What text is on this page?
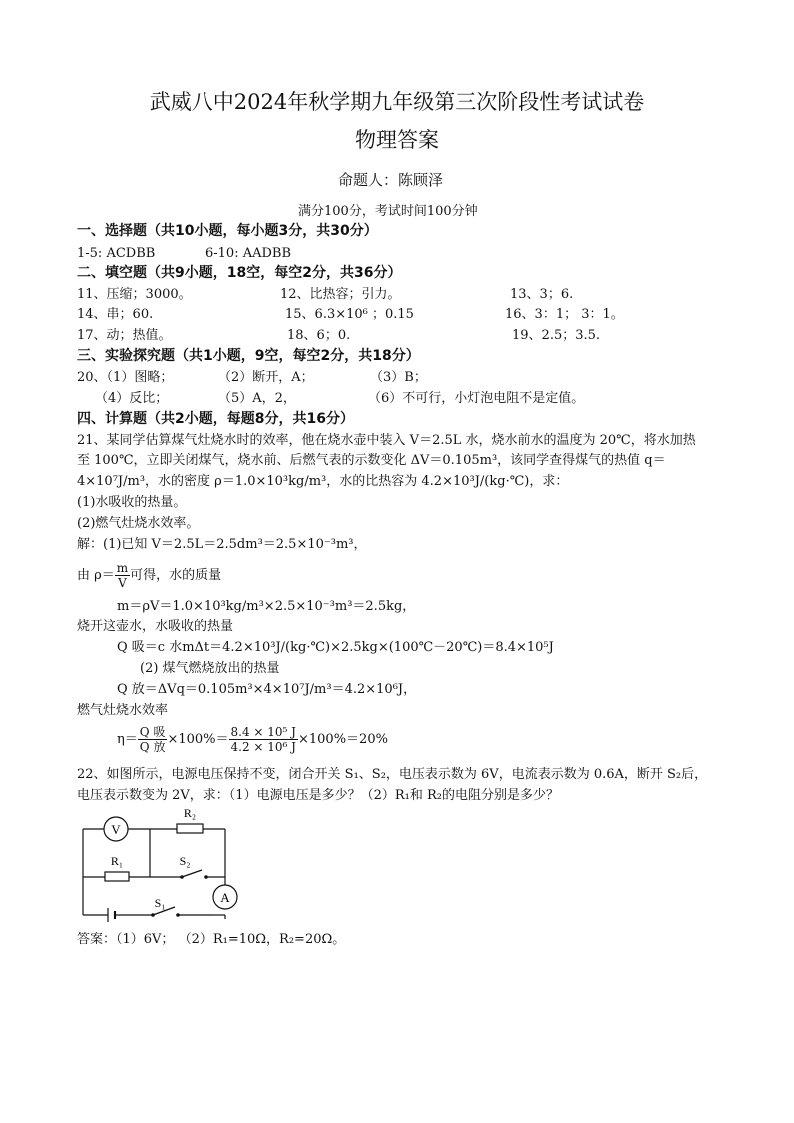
武威八中2024年秋学期九年级第三次阶段性考试试卷
物理答案
命题人：陈顾泽
满分100分，考试时间100分钟
一、选择题（共10小题，每小题3分，共30分）
1-5: ACDBB	6-10: AADBB
二、填空题（共9小题，18空，每空2分，共36分）
11、压缩；3000。	12、比热容；引力。	13、3；6.
14、串；60.	15、6.3×10⁶ ；0.15	16、3：1； 3：1。
17、动；热值。	18、6；0.	19、2.5；3.5.
三、实验探究题（共1小题，9空，每空2分，共18分）
20、（1）图略；	（2）断开，A；	（3）B；
（4）反比；	（5）A，2，	（6）不可行，小灯泡电阻不是定值。
四、计算题（共2小题，每题8分，共16分）
21、某同学估算煤气灶烧水时的效率，他在烧水壶中装入 V＝2.5L 水，烧水前水的温度为 20℃，将水加热
至 100℃，立即关闭煤气，烧水前、后燃气表的示数变化 ΔV＝0.105m³，该同学查得煤气的热值 q＝
4×10⁷J/m³，水的密度 ρ＝1.0×10³kg/m³，水的比热容为 4.2×10³J/(kg·℃)，求：
(1)水吸收的热量。
(2)燃气灶烧水效率。
解：(1)已知 V＝2.5L＝2.5dm³＝2.5×10⁻³m³，
由 $\rho= \frac{m}{V}$ 可得，水的质量
m＝ρV＝1.0×10³kg/m³×2.5×10⁻³m³＝2.5kg，
烧开这壶水，水吸收的热量
Q 吸＝c 水mΔt＝4.2×10³J/(kg·℃)×2.5kg×(100℃－20℃)＝8.4×10⁵J
(2) 煤气燃烧放出的热量
Q 放＝ΔVq＝0.105m³×4×10⁷J/m³＝4.2×10⁶J，
燃气灶烧水效率
$\eta= \frac{\text{Q 吸}}{\text{Q 放}} \times 100\%= \frac{\text{8.4 × 10⁵ J}}{\text{4.2 × 10⁶ J}} \times 100\%=20\%$
22、如图所示，电源电压保持不变，闭合开关 S₁、S₂，电压表示数为 6V，电流表示数为 0.6A，断开 S₂后，
电压表示数变为 2V，求：（1）电源电压是多少？（2）R₁和 R₂的电阻分别是多少？
V
R₂
R₁	S₂
A
S₁
答案：（1）6V； （2）R₁=10Ω，R₂=20Ω。
